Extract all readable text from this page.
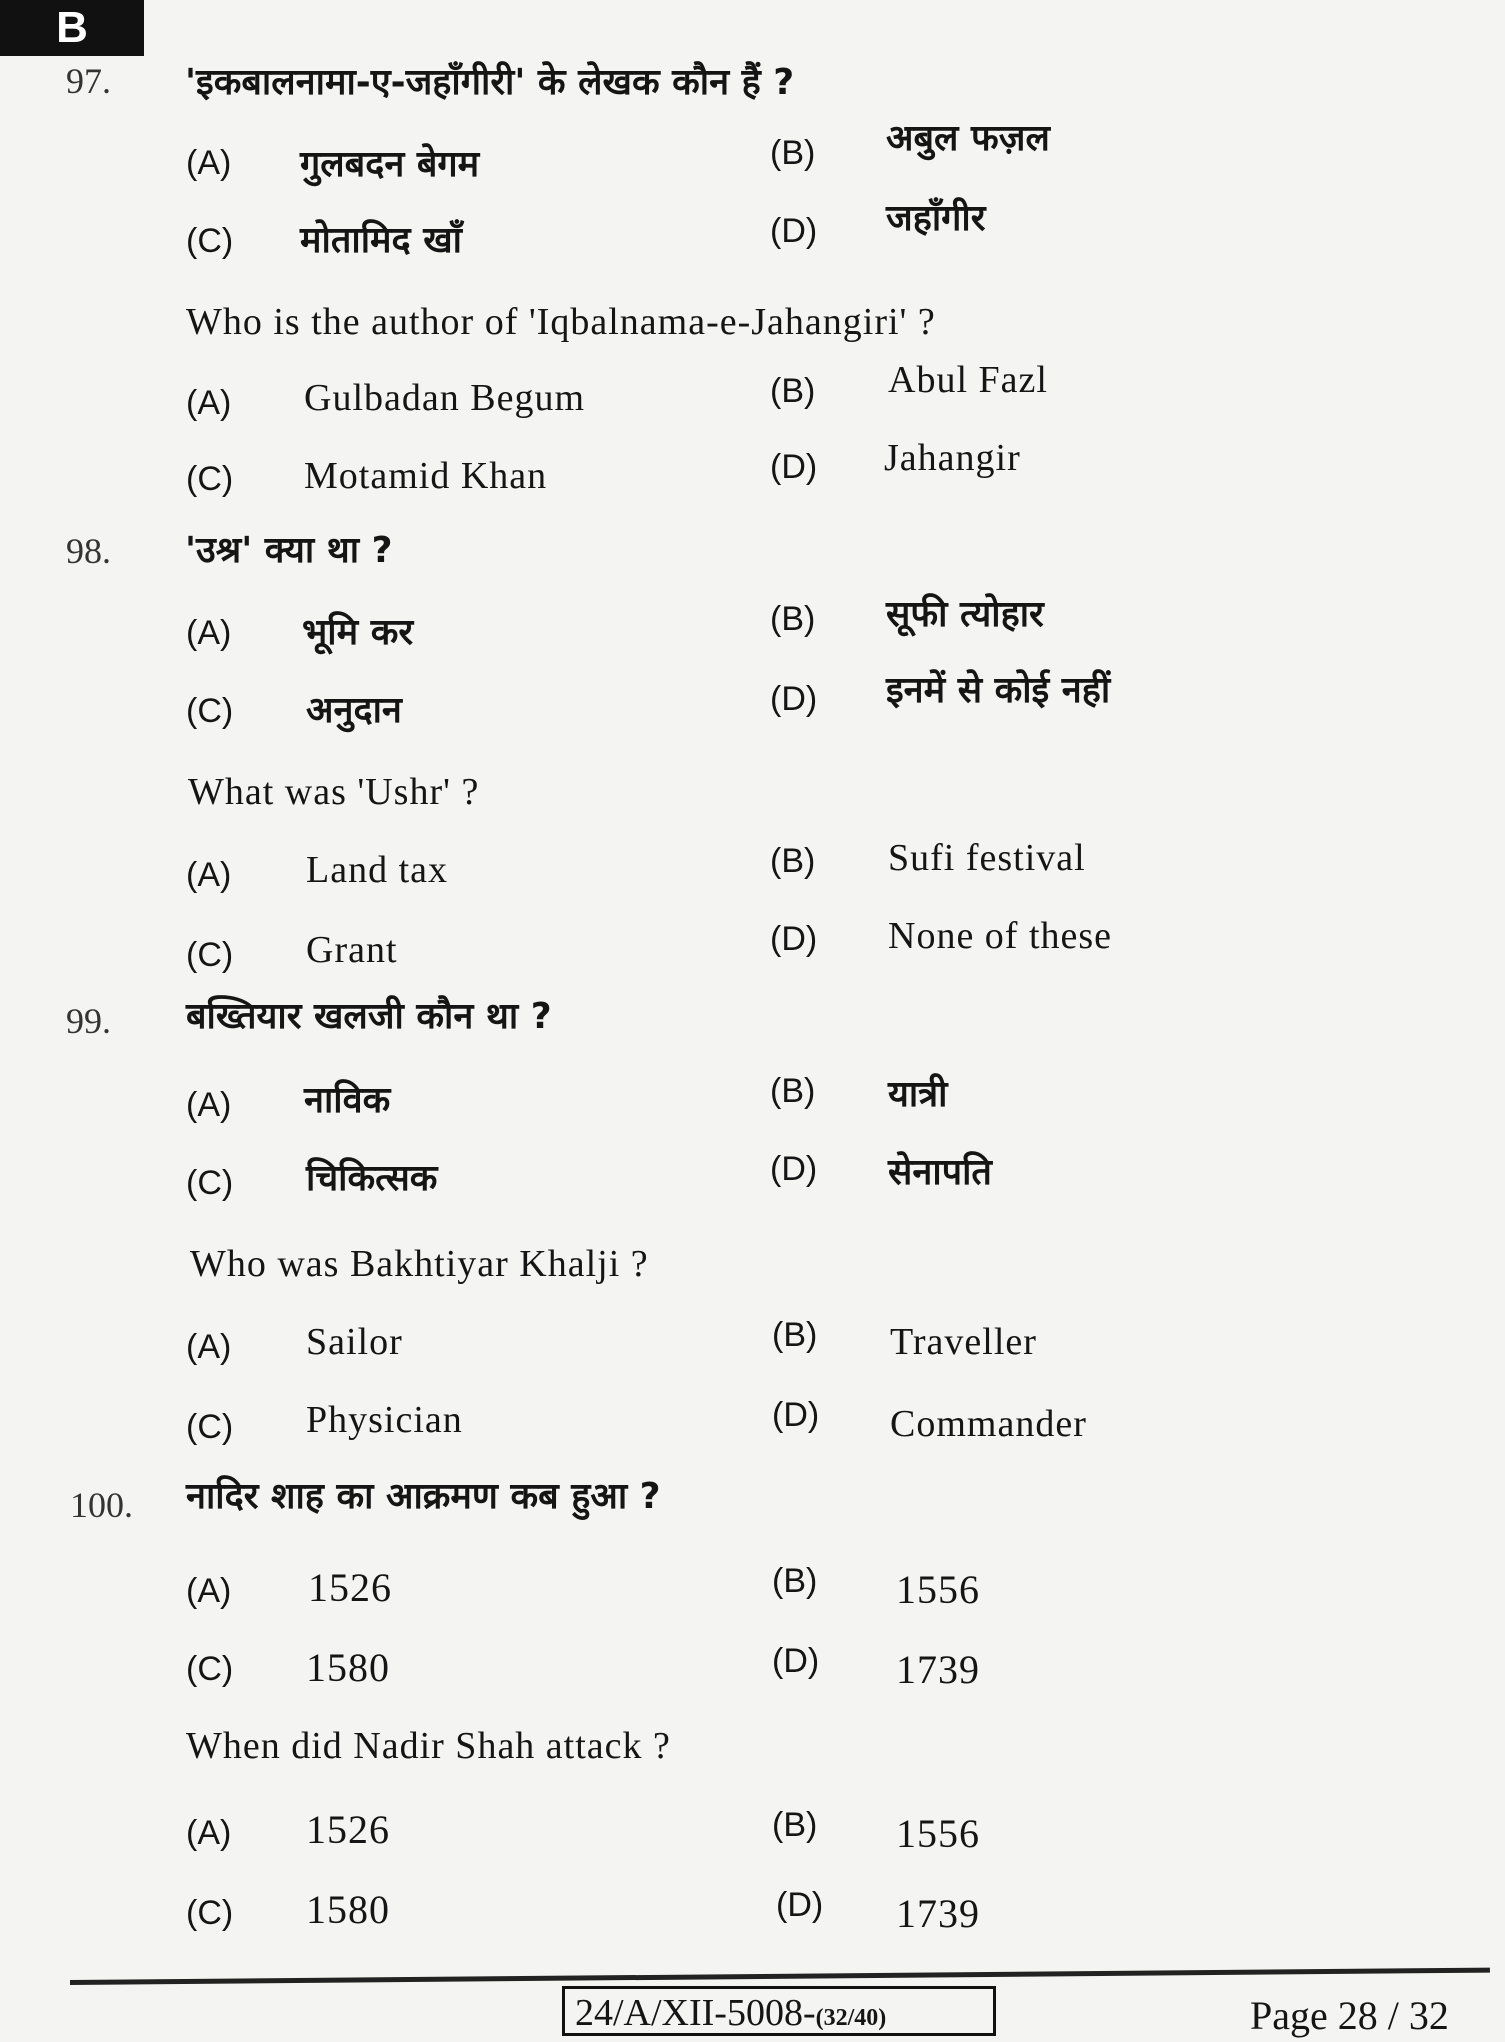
B
97. 'इकबालनामा-ए-जहाँगीरी' के लेखक कौन हैं ?
(A) गुलबदन बेगम	(B) अबुल फज़ल
(C) मोतामिद खाँ	(D) जहाँगीर
Who is the author of 'Iqbalnama-e-Jahangiri' ?
(A) Gulbadan Begum	(B) Abul Fazl
(C) Motamid Khan	(D) Jahangir
98. 'उश्र' क्या था ?
(A) भूमि कर	(B) सूफी त्योहार
(C) अनुदान	(D) इनमें से कोई नहीं
What was 'Ushr' ?
(A) Land tax	(B) Sufi festival
(C) Grant	(D) None of these
99. बख्तियार खलजी कौन था ?
(A) नाविक	(B) यात्री
(C) चिकित्सक	(D) सेनापति
Who was Bakhtiyar Khalji ?
(A) Sailor	(B) Traveller
(C) Physician	(D) Commander
100. नादिर शाह का आक्रमण कब हुआ ?
(A) 1526	(B) 1556
(C) 1580	(D) 1739
When did Nadir Shah attack ?
(A) 1526	(B) 1556
(C) 1580	(D) 1739
24/A/XII-5008-(32/40)	Page 28 / 32
